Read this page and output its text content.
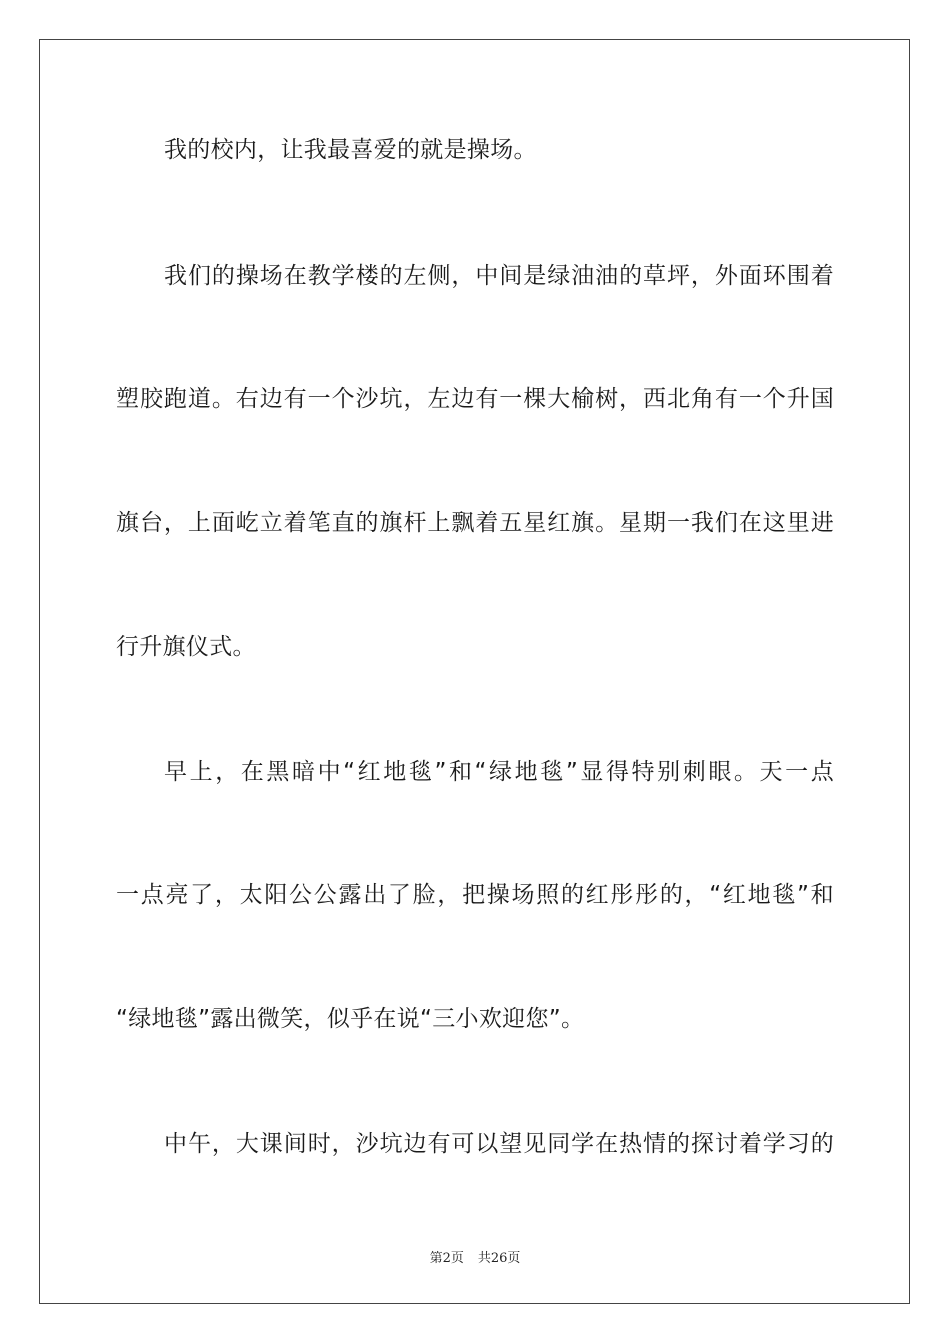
我的校内，让我最喜爱的就是操场。
我们的操场在教学楼的左侧，中间是绿油油的草坪，外面环围着
塑胶跑道。右边有一个沙坑，左边有一棵大榆树，西北角有一个升国
旗台，上面屹立着笔直的旗杆上飘着五星红旗。星期一我们在这里进
行升旗仪式。
早上，在黑暗中“红地毯”和“绿地毯”显得特别刺眼。天一点
一点亮了，太阳公公露出了脸，把操场照的红彤彤的，“红地毯”和
“绿地毯”露出微笑，似乎在说“三小欢迎您”。
中午，大课间时，沙坑边有可以望见同学在热情的探讨着学习的
第2页 共26页
